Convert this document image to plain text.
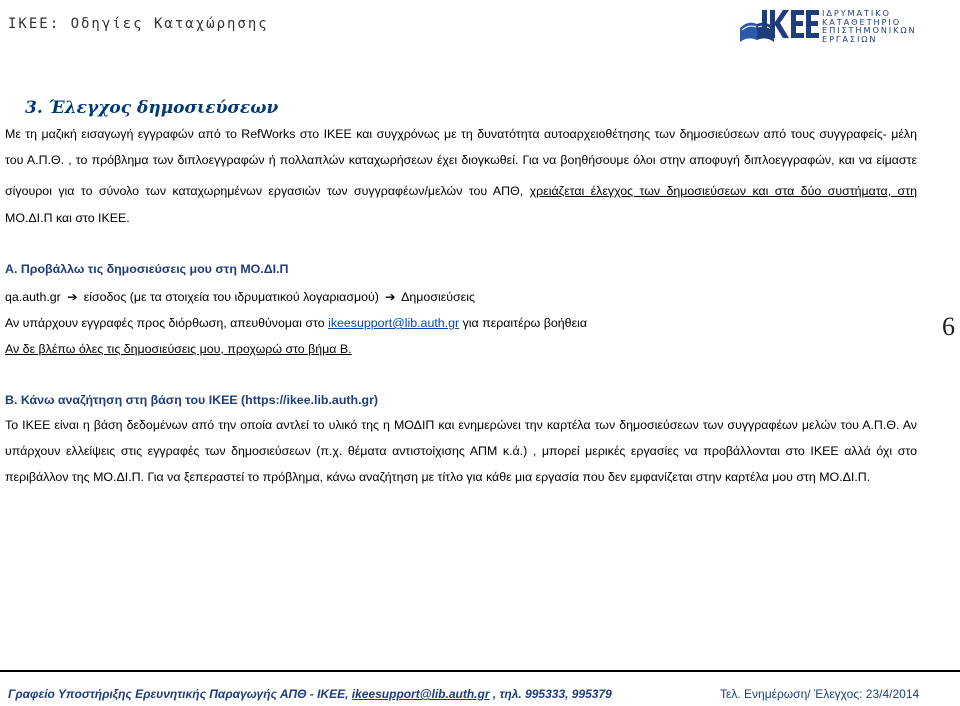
ΙΚΕΕ: Οδηγίες Καταχώρησης
ΙΔΡΥΜΑΤΙΚΟ
ΚΑΤΑΘΕΤΗΡΙΟ
ΕΠΙΣΤΗΜΟΝΙΚΩΝ
ΕΡΓΑΣΙΩΝ
3. Έλεγχος δημοσιεύσεων
Με τη μαζική εισαγωγή εγγραφών από το RefWorks στο ΙΚΕΕ και συγχρόνως με τη δυνατότητα αυτοαρχειοθέτησης των δημοσιεύσεων από τους συγγραφείς- μέλη
του Α.Π.Θ. , το πρόβλημα των διπλοεγγραφών ή πολλαπλών καταχωρήσεων έχει διογκωθεί. Για να βοηθήσουμε όλοι στην αποφυγή διπλοεγγραφών, και να είμαστε
σίγουροι για το σύνολο των καταχωρημένων εργασιών των συγγραφέων/μελών του ΑΠΘ, χρειάζεται έλεγχος των δημοσιεύσεων και στα δύο συστήματα, στη
ΜΟ.ΔΙ.Π και στο ΙΚΕΕ.
Α. Προβάλλω τις δημοσιεύσεις μου στη ΜΟ.ΔΙ.Π
qa.auth.gr ➔ είσοδος (με τα στοιχεία του ιδρυματικού λογαριασμού) ➔ Δημοσιεύσεις
Αν υπάρχουν εγγραφές προς διόρθωση, απευθύνομαι στο ikeesupport@lib.auth.gr για περαιτέρω βοήθεια
Αν δε βλέπω όλες τις δημοσιεύσεις μου, προχωρώ στο βήμα Β.
Β. Κάνω αναζήτηση στη βάση του ΙΚΕΕ (https://ikee.lib.auth.gr)
Το ΙΚΕΕ είναι η βάση δεδομένων από την οποία αντλεί το υλικό της η ΜΟΔΙΠ και ενημερώνει την καρτέλα των δημοσιεύσεων των συγγραφέων μελών του Α.Π.Θ. Αν
υπάρχουν ελλείψεις στις εγγραφές των δημοσιεύσεων (π.χ. θέματα αντιστοίχισης ΑΠΜ κ.ά.) , μπορεί μερικές εργασίες να προβάλλονται στο ΙΚΕΕ αλλά όχι στο
περιβάλλον της ΜΟ.ΔΙ.Π. Για να ξεπεραστεί το πρόβλημα, κάνω αναζήτηση με τίτλο για κάθε μια εργασία που δεν εμφανίζεται στην καρτέλα μου στη ΜΟ.ΔΙ.Π.
6
Γραφείο Υποστήριξης Ερευνητικής Παραγωγής ΑΠΘ - ΙΚΕΕ, ikeesupport@lib.auth.gr , τηλ. 995333, 995379	Τελ. Ενημέρωση/ Έλεγχος: 23/4/2014
